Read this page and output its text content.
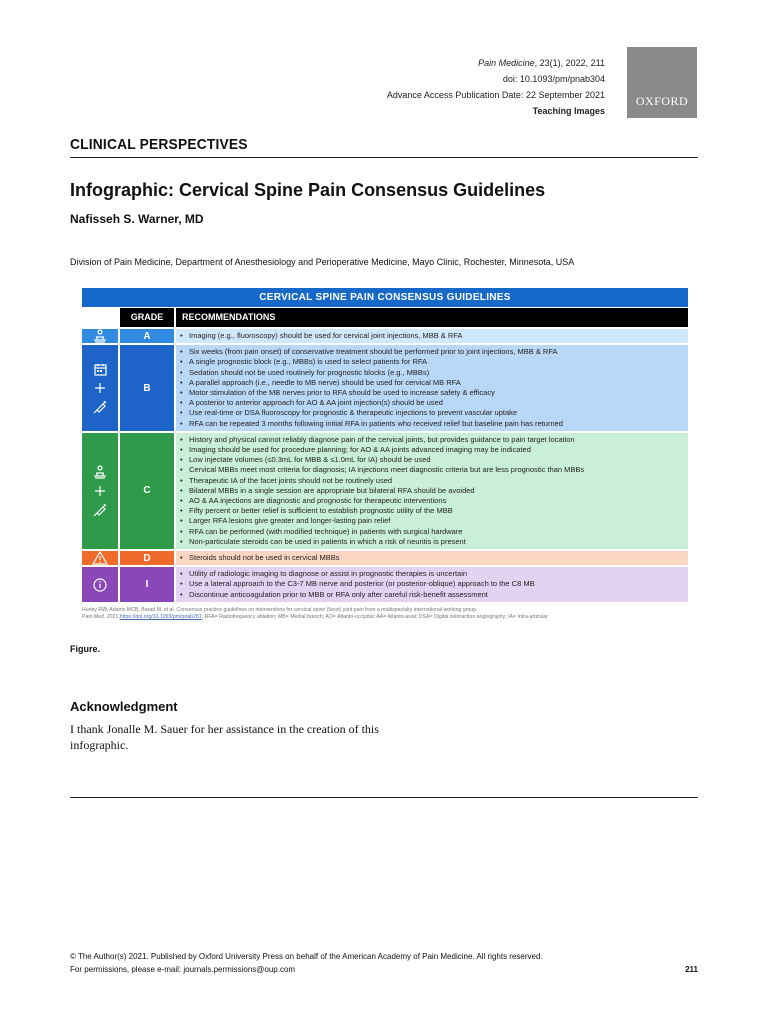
Pain Medicine, 23(1), 2022, 211
doi: 10.1093/pm/pnab304
Advance Access Publication Date: 22 September 2021
Teaching Images
OXFORD
CLINICAL PERSPECTIVES
Infographic: Cervical Spine Pain Consensus Guidelines
Nafisseh S. Warner, MD
Division of Pain Medicine, Department of Anesthesiology and Perioperative Medicine, Mayo Clinic, Rochester, Minnesota, USA
CERVICAL SPINE PAIN CONSENSUS GUIDELINES
GRADE	RECOMMENDATIONS
A	• Imaging (e.g., fluoroscopy) should be used for cervical joint injections, MBB & RFA
B
• Six weeks (from pain onset) of conservative treatment should be performed prior to joint injections, MBB & RFA
• A single prognostic block (e.g., MBBs) is used to select patients for RFA
• Sedation should not be used routinely for prognostic blocks (e.g., MBBs)
• A parallel approach (i.e., needle to MB nerve) should be used for cervical MB RFA
• Motor stimulation of the MB nerves prior to RFA should be used to increase safety & efficacy
• A posterior to anterior approach for AO & AA joint injection(s) should be used
• Use real-time or DSA fluoroscopy for prognostic & therapeutic injections to prevent vascular uptake
• RFA can be repeated 3 months following initial RFA in patients who received relief but baseline pain has returned
C
• History and physical cannot reliably diagnose pain of the cervical joints, but provides guidance to pain target location
• Imaging should be used for procedure planning; for AO & AA joints advanced imaging may be indicated
• Low injectate volumes (≤0.3mL for MBB & ≤1.0mL for IA) should be used
• Cervical MBBs meet most criteria for diagnosis; IA injections meet diagnostic criteria but are less prognostic than MBBs
• Therapeutic IA of the facet joints should not be routinely used
• Bilateral MBBs in a single session are appropriate but bilateral RFA should be avoided
• AO & AA injections are diagnostic and prognostic for therapeutic interventions
• Fifty percent or better relief is sufficient to establish prognostic utility of the MBB
• Larger RFA lesions give greater and longer-lasting pain relief
• RFA can be performed (with modified technique) in patients with surgical hardware
• Non-particulate steroids can be used in patients in which a risk of neuritis is present
D	• Steroids should not be used in cervical MBBs
I
• Utility of radiologic imaging to diagnose or assist in prognostic therapies is uncertain
• Use a lateral approach to the C3-7 MB nerve and posterior (or posterior-oblique) approach to the C8 MB
• Discontinue anticoagulation prior to MBB or RFA only after careful risk-benefit assessment
Hurley RW, Adams MCB, Barad M, et al. Consensus practice guidelines on interventions for cervical spine (facet) joint pain from a multispecialty international working group.
Pain Med. 2021;https://doi.org/10.1093/pm/pnab281; RFA= Radiofrequency ablation; MB= Medial branch; AO= Atlanto-occipital; AA= Atlanto-axial; DSA= Digital subtraction angiography; IA= Intra-articular
Figure.
Acknowledgment
I thank Jonalle M. Sauer for her assistance in the creation of this infographic.
© The Author(s) 2021. Published by Oxford University Press on behalf of the American Academy of Pain Medicine. All rights reserved.
For permissions, please e-mail: journals.permissions@oup.com	211
